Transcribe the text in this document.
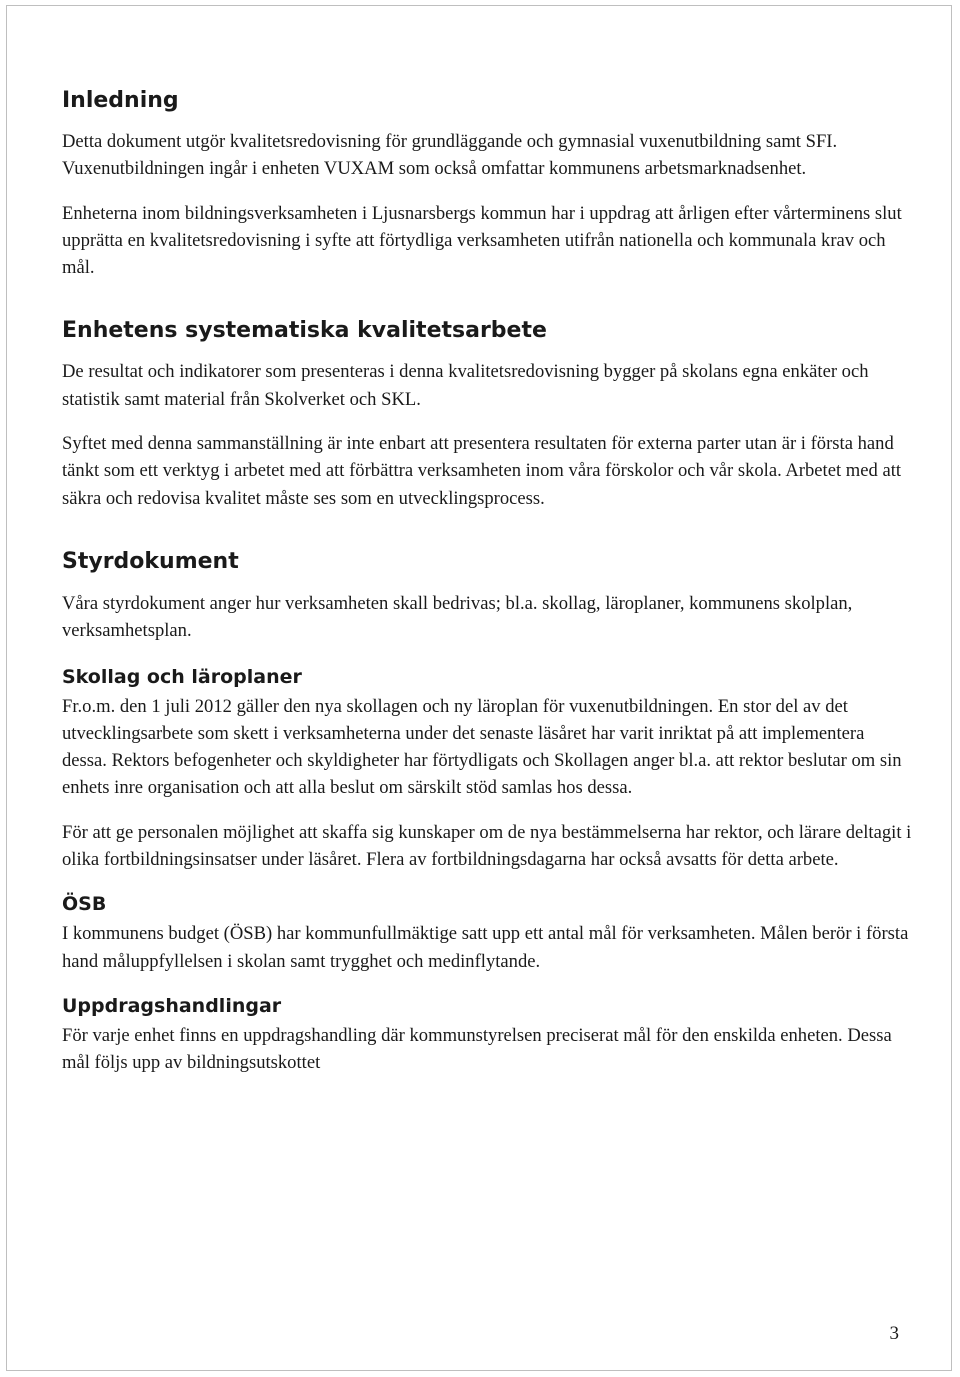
Inledning

Detta dokument utgör kvalitetsredovisning för grundläggande och gymnasial vuxenutbildning samt SFI. Vuxenutbildningen ingår i enheten VUXAM som också omfattar kommunens arbetsmarknadsenhet.

Enheterna inom bildningsverksamheten i Ljusnarsbergs kommun har i uppdrag att årligen efter vårterminens slut upprätta en kvalitetsredovisning i syfte att förtydliga verksamheten utifrån nationella och kommunala krav och mål.

Enhetens systematiska kvalitetsarbete

De resultat och indikatorer som presenteras i denna kvalitetsredovisning bygger på skolans egna enkäter och statistik samt material från Skolverket och SKL.

Syftet med denna sammanställning är inte enbart att presentera resultaten för externa parter utan är i första hand tänkt som ett verktyg i arbetet med att förbättra verksamheten inom våra förskolor och vår skola. Arbetet med att säkra och redovisa kvalitet måste ses som en utvecklingsprocess.

Styrdokument

Våra styrdokument anger hur verksamheten skall bedrivas; bl.a. skollag, läroplaner, kommunens skolplan, verksamhetsplan.

Skollag och läroplaner

Fr.o.m. den 1 juli 2012 gäller den nya skollagen och ny läroplan för vuxenutbildningen. En stor del av det utvecklingsarbete som skett i verksamheterna under det senaste läsåret har varit inriktat på att implementera dessa. Rektors befogenheter och skyldigheter har förtydligats och Skollagen anger bl.a. att rektor beslutar om sin enhets inre organisation och att alla beslut om särskilt stöd samlas hos dessa.

För att ge personalen möjlighet att skaffa sig kunskaper om de nya bestämmelserna har rektor, och lärare deltagit i olika fortbildningsinsatser under läsåret. Flera av fortbildningsdagarna har också avsatts för detta arbete.

ÖSB

I kommunens budget (ÖSB) har kommunfullmäktige satt upp ett antal mål för verksamheten. Målen berör i första hand måluppfyllelsen i skolan samt trygghet och medinflytande.

Uppdragshandlingar

För varje enhet finns en uppdragshandling där kommunstyrelsen preciserat mål för den enskilda enheten. Dessa mål följs upp av bildningsutskottet

3
